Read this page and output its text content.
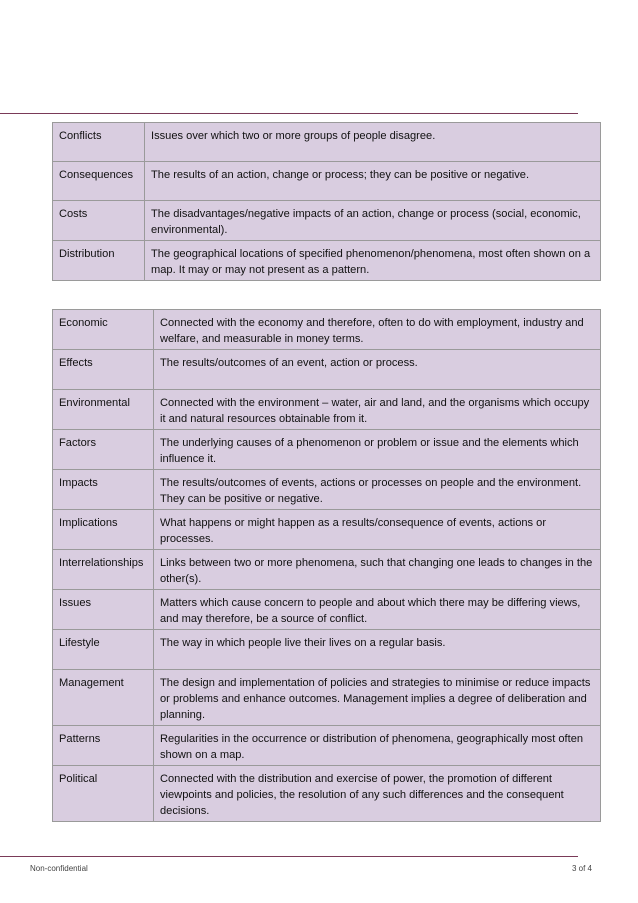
Conflicts	Issues over which two or more groups of people disagree.
Consequences	The results of an action, change or process; they can be positive or negative.
Costs	The disadvantages/negative impacts of an action, change or process (social, economic, environmental).
Distribution	The geographical locations of specified phenomenon/phenomena, most often shown on a map. It may or may not present as a pattern.
Economic	Connected with the economy and therefore, often to do with employment, industry and welfare, and measurable in money terms.
Effects	The results/outcomes of an event, action or process.
Environmental	Connected with the environment – water, air and land, and the organisms which occupy it and natural resources obtainable from it.
Factors	The underlying causes of a phenomenon or problem or issue and the elements which influence it.
Impacts	The results/outcomes of events, actions or processes on people and the environment. They can be positive or negative.
Implications	What happens or might happen as a results/consequence of events, actions or processes.
Interrelationships	Links between two or more phenomena, such that changing one leads to changes in the other(s).
Issues	Matters which cause concern to people and about which there may be differing views, and may therefore, be a source of conflict.
Lifestyle	The way in which people live their lives on a regular basis.
Management	The design and implementation of policies and strategies to minimise or reduce impacts or problems and enhance outcomes. Management implies a degree of deliberation and planning.
Patterns	Regularities in the occurrence or distribution of phenomena, geographically most often shown on a map.
Political	Connected with the distribution and exercise of power, the promotion of different viewpoints and policies, the resolution of any such differences and the consequent decisions.
Non-confidential	3 of 4
